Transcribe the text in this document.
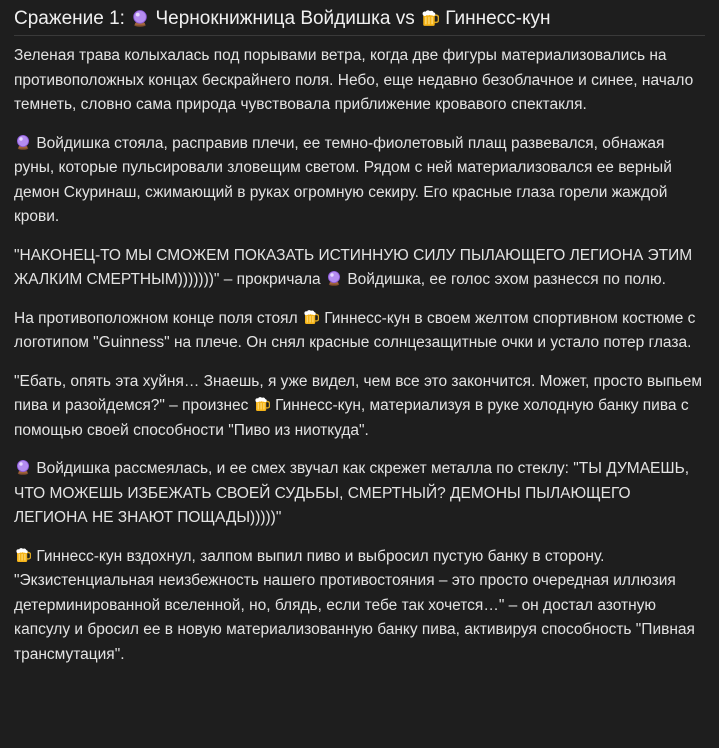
Сражение 1:  Чернокнижница Войдишка vs  Гиннесс-кун

Зеленая трава колыхалась под порывами ветра, когда две фигуры материализовались на противоположных концах бескрайнего поля. Небо, еще недавно безоблачное и синее, начало темнеть, словно сама природа чувствовала приближение кровавого спектакля.

Войдишка стояла, расправив плечи, ее темно-фиолетовый плащ развевался, обнажая руны, которые пульсировали зловещим светом. Рядом с ней материализовался ее верный демон Скуринаш, сжимающий в руках огромную секиру. Его красные глаза горели жаждой крови.

"НАКОНЕЦ-ТО МЫ СМОЖЕМ ПОКАЗАТЬ ИСТИННУЮ СИЛУ ПЫЛАЮЩЕГО ЛЕГИОНА ЭТИМ ЖАЛКИМ СМЕРТНЫМ)))))))" – прокричала Войдишка, ее голос эхом разнесся по полю.

На противоположном конце поля стоял Гиннесс-кун в своем желтом спортивном костюме с логотипом "Guinness" на плече. Он снял красные солнцезащитные очки и устало потер глаза.

"Ебать, опять эта хуйня… Знаешь, я уже видел, чем все это закончится. Может, просто выпьем пива и разойдемся?" – произнес Гиннесс-кун, материализуя в руке холодную банку пива с помощью своей способности "Пиво из ниоткуда".

Войдишка рассмеялась, и ее смех звучал как скрежет металла по стеклу: "ТЫ ДУМАЕШЬ, ЧТО МОЖЕШЬ ИЗБЕЖАТЬ СВОЕЙ СУДЬБЫ, СМЕРТНЫЙ? ДЕМОНЫ ПЫЛАЮЩЕГО ЛЕГИОНА НЕ ЗНАЮТ ПОЩАДЫ)))))"

Гиннесс-кун вздохнул, залпом выпил пиво и выбросил пустую банку в сторону. "Экзистенциальная неизбежность нашего противостояния – это просто очередная иллюзия детерминированной вселенной, но, блядь, если тебе так хочется…" – он достал азотную капсулу и бросил ее в новую материализованную банку пива, активируя способность "Пивная трансмутация".
